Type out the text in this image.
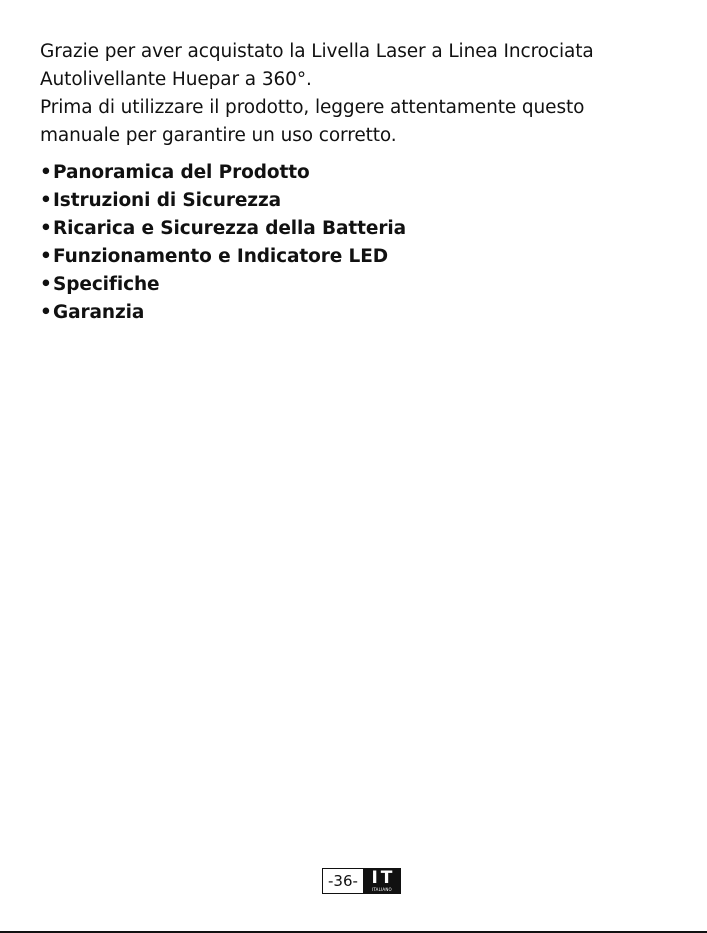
Grazie per aver acquistato la Livella Laser a Linea Incrociata

Autolivellante Huepar a 360°.

Prima di utilizzare il prodotto, leggere attentamente questo

manuale per garantire un uso corretto.

•Panoramica del Prodotto
•Istruzioni di Sicurezza
•Ricarica e Sicurezza della Batteria
•Funzionamento e Indicatore LED
•Specifiche
•Garanzia
-36- IT
ITALIANO
